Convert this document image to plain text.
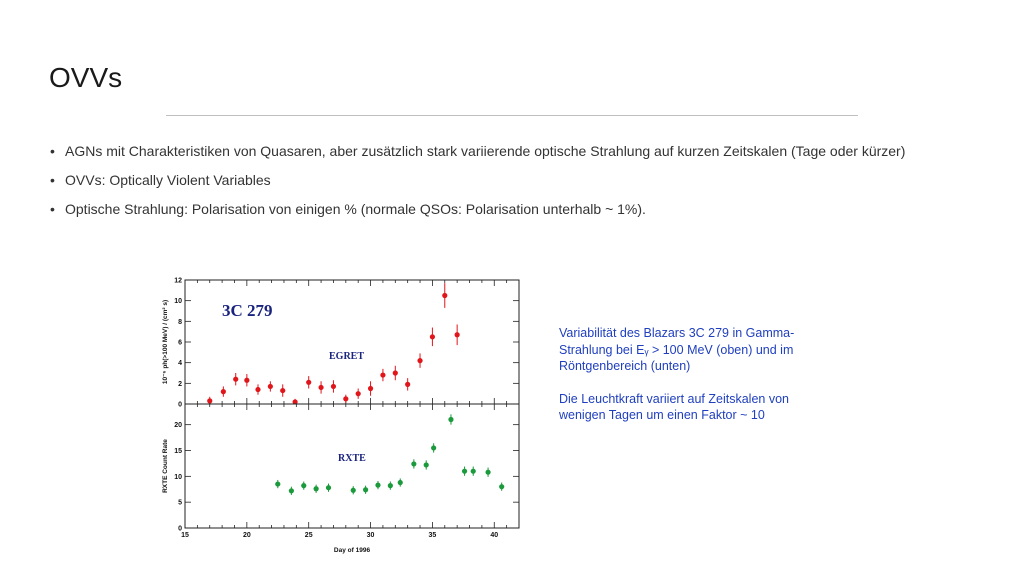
OVVs
• AGNs mit Charakteristiken von Quasaren, aber zusätzlich stark variierende optische Strahlung auf kurzen Zeitskalen (Tage oder kürzer)
• OVVs: Optically Violent Variables
• Optische Strahlung: Polarisation von einigen % (normale QSOs: Polarisation unterhalb ~ 1%).
3C 279
EGRET
10⁻⁶ ph(>100 MeV) / (cm² s)
0
2
4
6
8
10
12
RXTE
RXTE Count Rate
Day of 1996
0
5
10
15
20
15	20	25	30	35	40

Variabilität des Blazars 3C 279 in Gamma-Strahlung bei Eᵧ > 100 MeV (oben) und im Röntgenbereich (unten)

Die Leuchtkraft variiert auf Zeitskalen von wenigen Tagen um einen Faktor ~ 10
